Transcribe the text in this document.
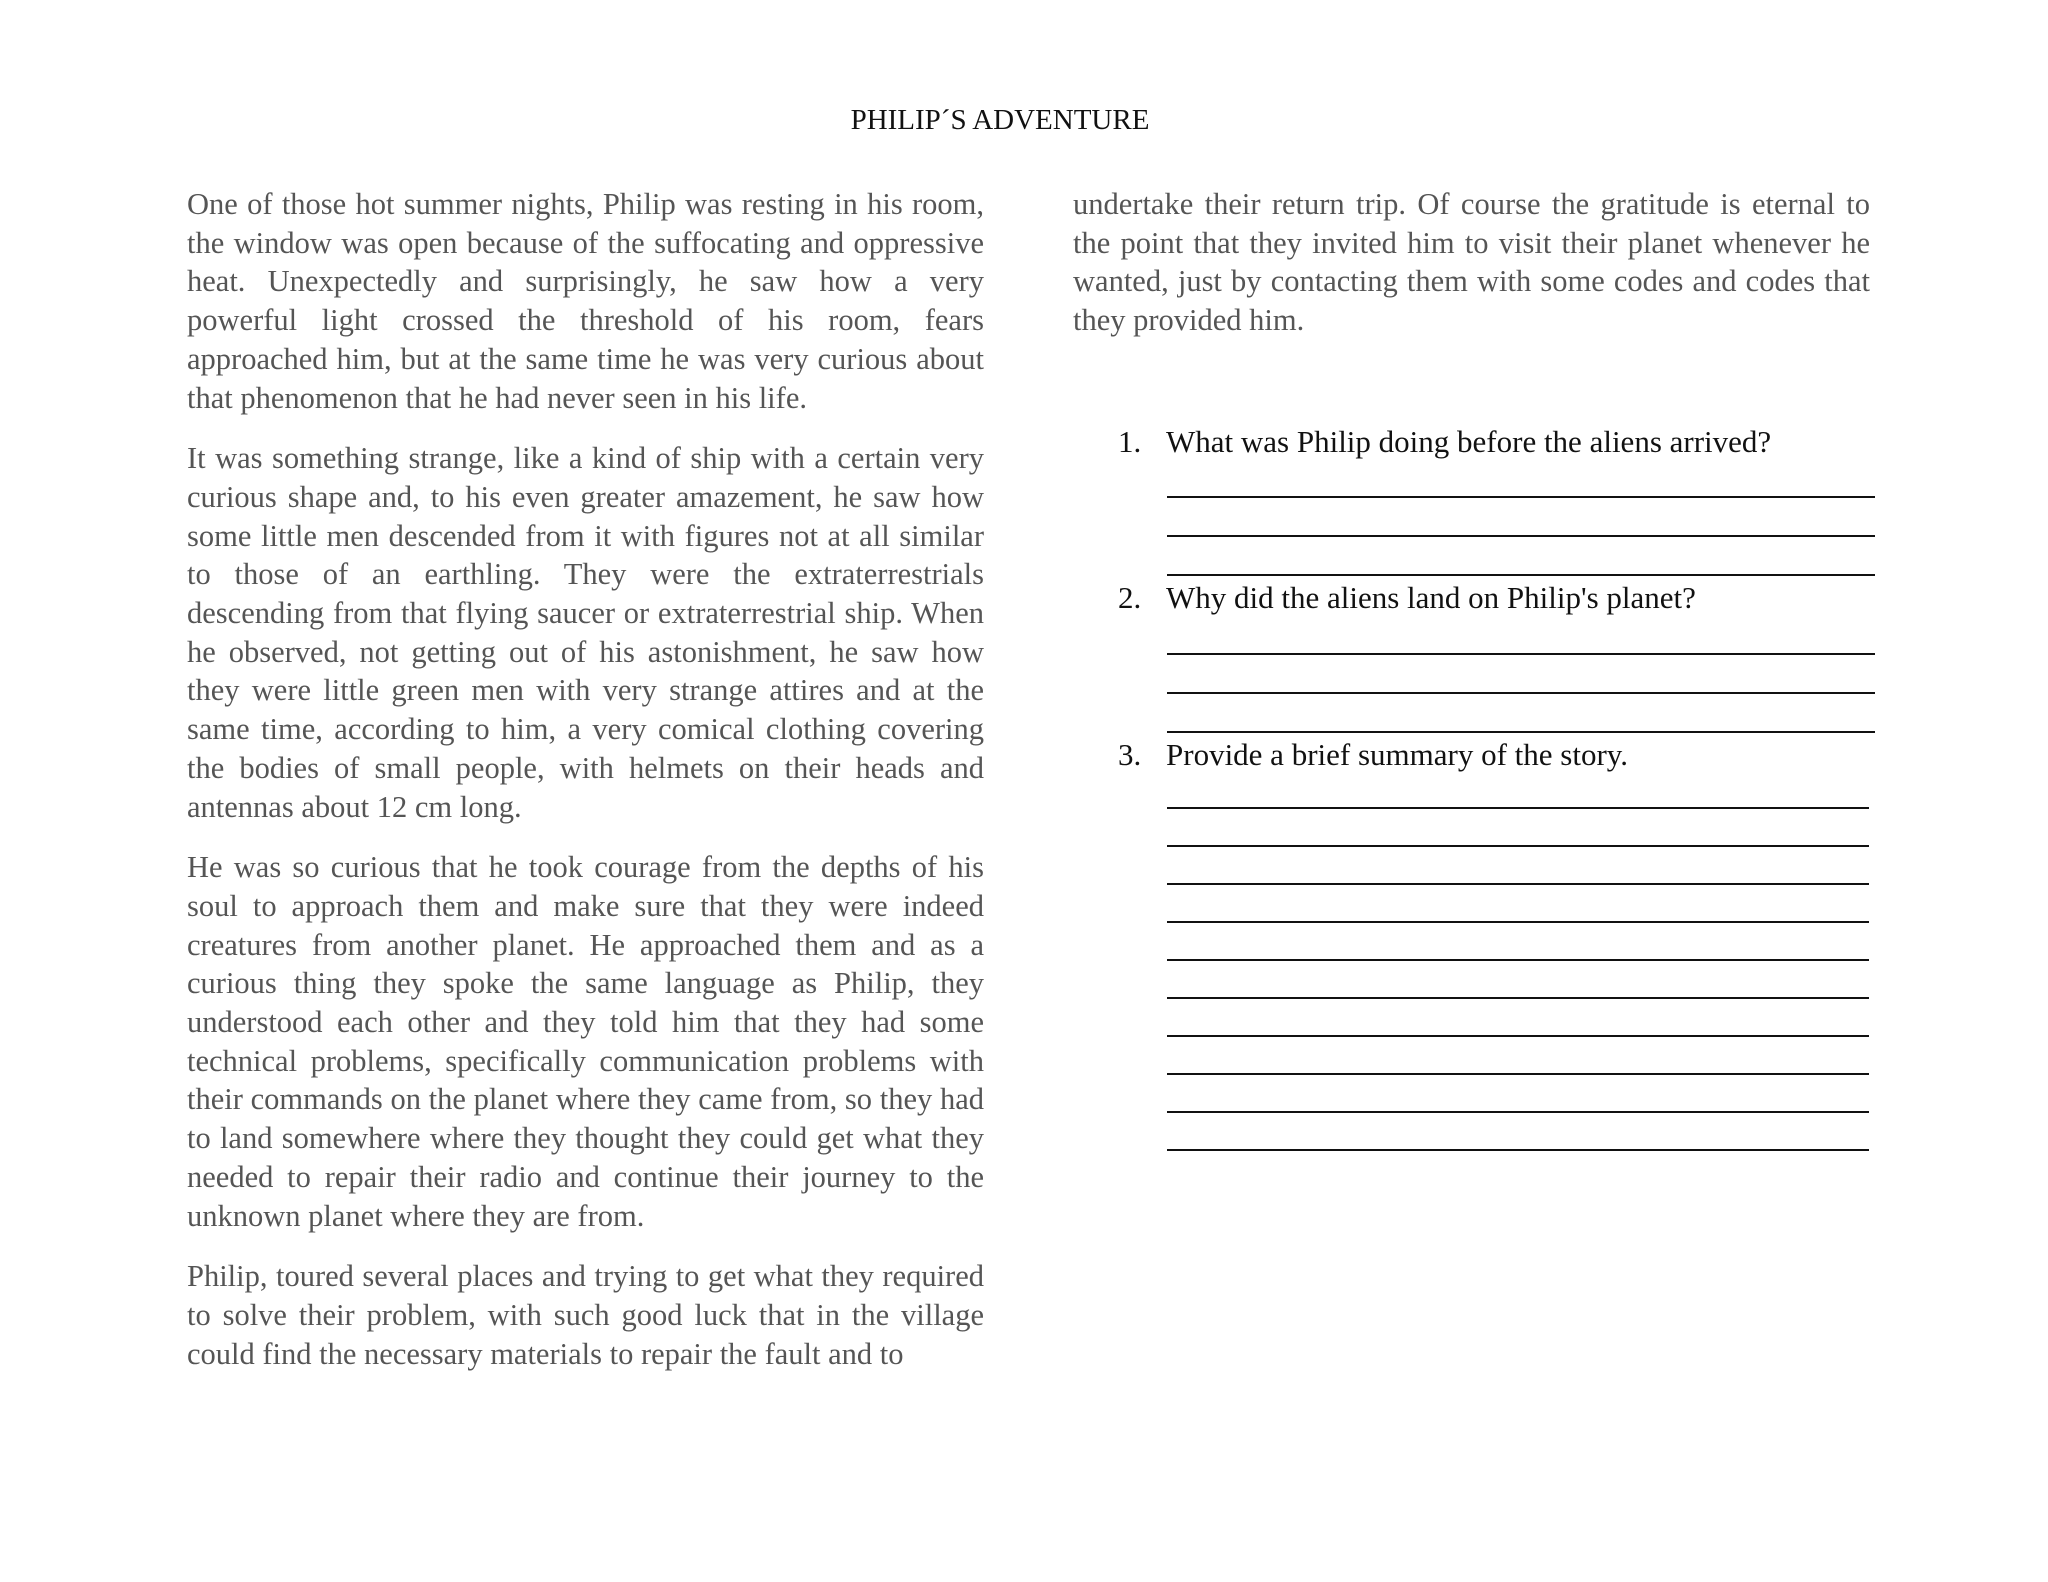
PHILIP´S ADVENTURE

One of those hot summer nights, Philip was resting in his room, the window was open because of the suffocating and oppressive heat. Unexpectedly and surprisingly, he saw how a very powerful light crossed the threshold of his room, fears approached him, but at the same time he was very curious about that phenomenon that he had never seen in his life.

It was something strange, like a kind of ship with a certain very curious shape and, to his even greater amazement, he saw how some little men descended from it with figures not at all similar to those of an earthling. They were the extraterrestrials descending from that flying saucer or extraterrestrial ship. When he observed, not getting out of his astonishment, he saw how they were little green men with very strange attires and at the same time, according to him, a very comical clothing covering the bodies of small people, with helmets on their heads and antennas about 12 cm long.

He was so curious that he took courage from the depths of his soul to approach them and make sure that they were indeed creatures from another planet. He approached them and as a curious thing they spoke the same language as Philip, they understood each other and they told him that they had some technical problems, specifically communication problems with their commands on the planet where they came from, so they had to land somewhere where they thought they could get what they needed to repair their radio and continue their journey to the unknown planet where they are from.

Philip, toured several places and trying to get what they required to solve their problem, with such good luck that in the village could find the necessary materials to repair the fault and to

undertake their return trip. Of course the gratitude is eternal to the point that they invited him to visit their planet whenever he wanted, just by contacting them with some codes and codes that they provided him.

1. What was Philip doing before the aliens arrived?
2. Why did the aliens land on Philip's planet?
3. Provide a brief summary of the story.
